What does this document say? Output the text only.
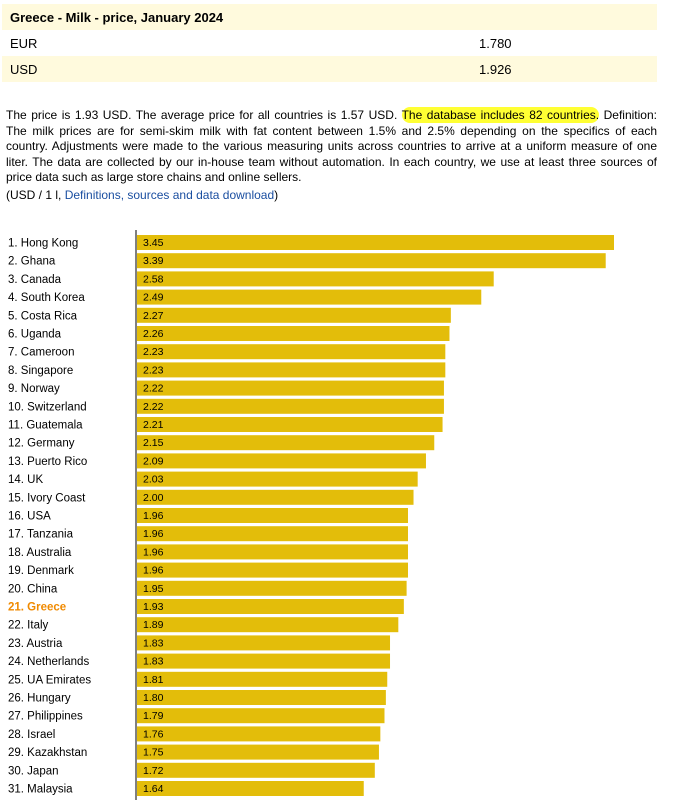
Greece - Milk - price, January 2024	
EUR	1.780
USD	1.926

The price is 1.93 USD. The average price for all countries is 1.57 USD. The database includes 82 countries. Definition: The milk prices are for semi-skim milk with fat content between 1.5% and 2.5% depending on the specifics of each country. Adjustments were made to the various measuring units across countries to arrive at a uniform measure of one liter. The data are collected by our in-house team without automation. In each country, we use at least three sources of price data such as large store chains and online sellers.

(USD / 1 l, Definitions, sources and data download)

1. Hong Kong	3.45
2. Ghana	3.39
3. Canada	2.58
4. South Korea	2.49
5. Costa Rica	2.27
6. Uganda	2.26
7. Cameroon	2.23
8. Singapore	2.23
9. Norway	2.22
10. Switzerland	2.22
11. Guatemala	2.21
12. Germany	2.15
13. Puerto Rico	2.09
14. UK	2.03
15. Ivory Coast	2.00
16. USA	1.96
17. Tanzania	1.96
18. Australia	1.96
19. Denmark	1.96
20. China	1.95
21. Greece	1.93
22. Italy	1.89
23. Austria	1.83
24. Netherlands	1.83
25. UA Emirates	1.81
26. Hungary	1.80
27. Philippines	1.79
28. Israel	1.76
29. Kazakhstan	1.75
30. Japan	1.72
31. Malaysia	1.64
